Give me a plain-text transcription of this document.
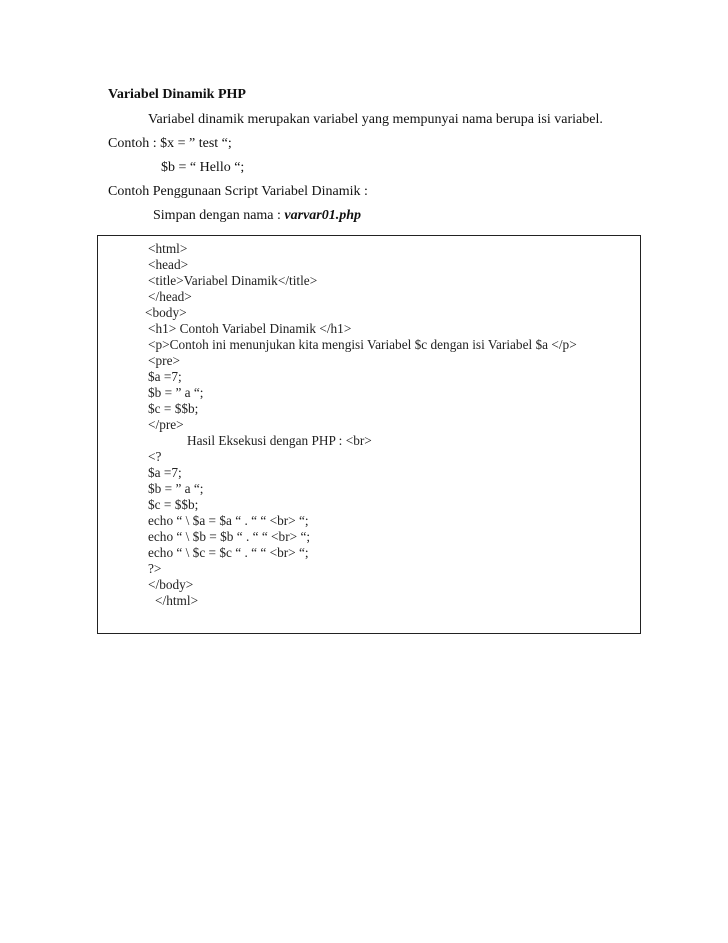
Variabel Dinamik PHP
Variabel dinamik merupakan variabel yang mempunyai nama berupa isi variabel.
Contoh : $x = ” test “;
$b = “ Hello “;
Contoh Penggunaan Script Variabel Dinamik :
Simpan dengan nama : varvar01.php
<html>
<head>
<title>Variabel Dinamik</title>
</head>
<body>
<h1> Contoh Variabel Dinamik </h1>
<p>Contoh ini menunjukan kita mengisi Variabel $c dengan isi Variabel $a </p>
<pre>
$a =7;
$b = ” a “;
$c = $$b;
</pre>
Hasil Eksekusi dengan PHP : <br>
<?
$a =7;
$b = ” a “;
$c = $$b;
echo “ \ $a = $a “ . “ “ <br> “;
echo “ \ $b = $b “ . “ “ <br> “;
echo “ \ $c = $c “ . “ “ <br> “;
?>
</body>
</html>
